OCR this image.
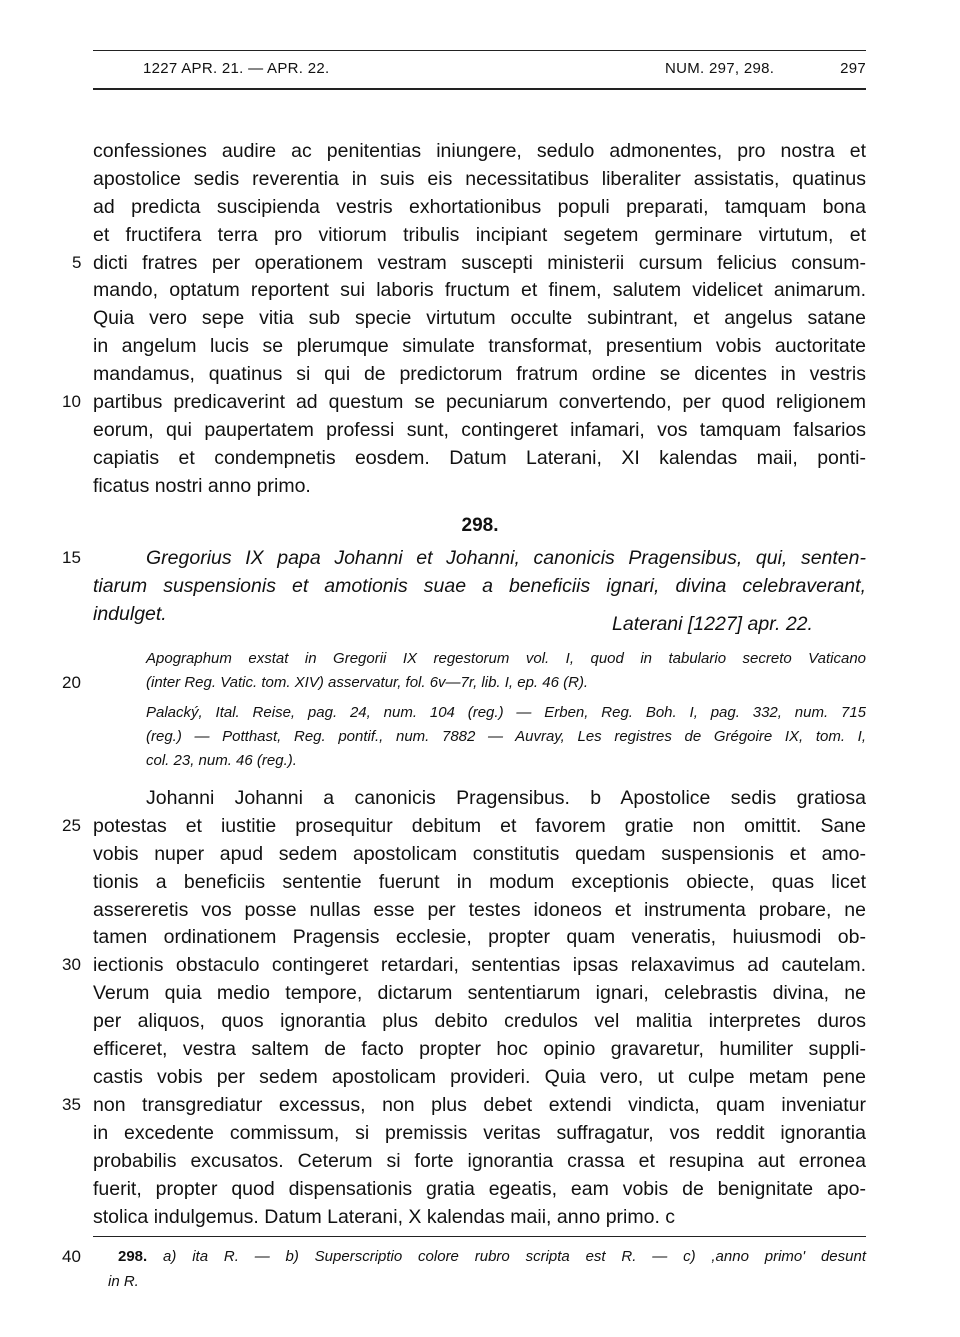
1227 APR. 21. — APR. 22.	NUM. 297, 298.	297
confessiones audire ac penitentias iniungere, sedulo admonentes, pro nostra et
apostolice sedis reverentia in suis eis necessitatibus liberaliter assistatis, quatinus
ad predicta suscipienda vestris exhortationibus populi preparati, tamquam bona
et fructifera terra pro vitiorum tribulis incipiant segetem germinare virtutum, et
dicti fratres per operationem vestram suscepti ministerii cursum felicius consum-
mando, optatum reportent sui laboris fructum et finem, salutem videlicet animarum.
Quia vero sepe vitia sub specie virtutum occulte subintrant, et angelus satane
in angelum lucis se plerumque simulate transformat, presentium vobis auctoritate
mandamus, quatinus si qui de predictorum fratrum ordine se dicentes in vestris
partibus predicaverint ad questum se pecuniarum convertendo, per quod religionem
eorum, qui paupertatem professi sunt, contingeret infamari, vos tamquam falsarios
capiatis et condempnetis eosdem. Datum Laterani, XI kalendas maii, ponti-
ficatus nostri anno primo.
298.
Gregorius IX papa Johanni et Johanni, canonicis Pragensibus, qui, senten-
tiarum suspensionis et amotionis suae a beneficiis ignari, divina celebraverant,
indulget.	Laterani [1227] apr. 22.
Apographum exstat in Gregorii IX regestorum vol. I, quod in tabulario secreto Vaticano
(inter Reg. Vatic. tom. XIV) asservatur, fol. 6v—7r, lib. I, ep. 46 (R).
Palacký, Ital. Reise, pag. 24, num. 104 (reg.) — Erben, Reg. Boh. I, pag. 332, num. 715
(reg.) — Potthast, Reg. pontif., num. 7882 — Auvray, Les registres de Grégoire IX, tom. I,
col. 23, num. 46 (reg.).
Johanni Johanni a canonicis Pragensibus. b Apostolice sedis gratiosa
potestas et iustitie prosequitur debitum et favorem gratie non omittit. Sane
vobis nuper apud sedem apostolicam constitutis quedam suspensionis et amo-
tionis a beneficiis sententie fuerunt in modum exceptionis obiecte, quas licet
assereretis vos posse nullas esse per testes idoneos et instrumenta probare, ne
tamen ordinationem Pragensis ecclesie, propter quam veneratis, huiusmodi ob-
iectionis obstaculo contingeret retardari, sententias ipsas relaxavimus ad cautelam.
Verum quia medio tempore, dictarum sententiarum ignari, celebrastis divina, ne
per aliquos, quos ignorantia plus debito credulos vel malitia interpretes duros
efficeret, vestra saltem de facto propter hoc opinio gravaretur, humiliter suppli-
castis vobis per sedem apostolicam provideri. Quia vero, ut culpe metam pene
non transgrediatur excessus, non plus debet extendi vindicta, quam inveniatur
in excedente commissum, si premissis veritas suffragatur, vos reddit ignorantia
probabilis excusatos. Ceterum si forte ignorantia crassa et resupina aut erronea
fuerit, propter quod dispensationis gratia egeatis, eam vobis de benignitate apo-
stolica indulgemus. Datum Laterani, X kalendas maii, anno primo. c
5
10
15
20
25
30
35
40	298. a) ita R. — b) Superscriptio colore rubro scripta est R. — c) ,anno primo' desunt
in R.
